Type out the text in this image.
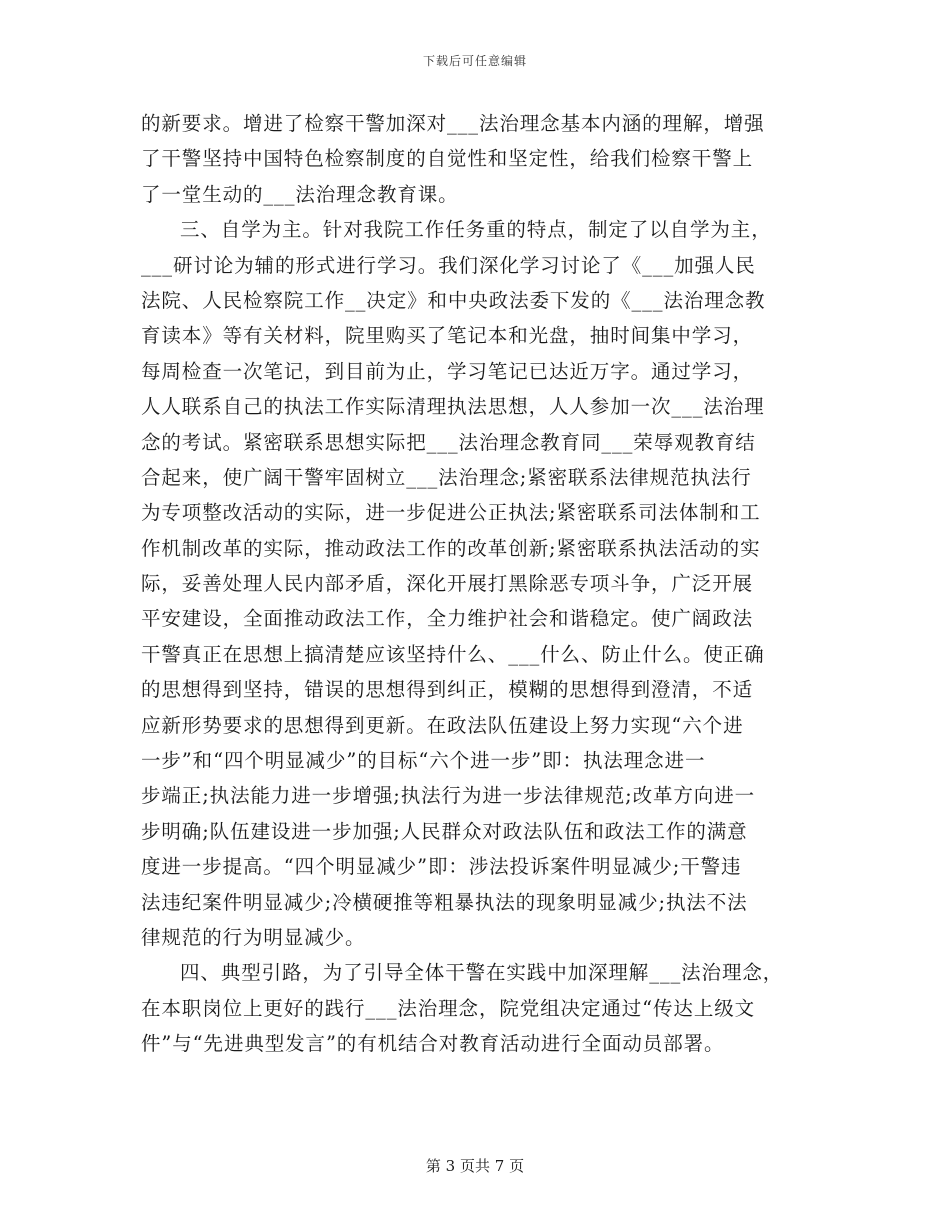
下载后可任意编辑
的新要求。增进了检察干警加深对___法治理念基本内涵的理解，增强
了干警坚持中国特色检察制度的自觉性和坚定性，给我们检察干警上
了一堂生动的___法治理念教育课。
三、自学为主。针对我院工作任务重的特点，制定了以自学为主，
___研讨论为辅的形式进行学习。我们深化学习讨论了《___加强人民
法院、人民检察院工作__决定》和中央政法委下发的《___法治理念教
育读本》等有关材料，院里购买了笔记本和光盘，抽时间集中学习，
每周检查一次笔记，到目前为止，学习笔记已达近万字。通过学习，
人人联系自己的执法工作实际清理执法思想，人人参加一次___法治理
念的考试。紧密联系思想实际把___法治理念教育同___荣辱观教育结
合起来，使广阔干警牢固树立___法治理念;紧密联系法律规范执法行
为专项整改活动的实际，进一步促进公正执法;紧密联系司法体制和工
作机制改革的实际，推动政法工作的改革创新;紧密联系执法活动的实
际，妥善处理人民内部矛盾，深化开展打黑除恶专项斗争，广泛开展
平安建设，全面推动政法工作，全力维护社会和谐稳定。使广阔政法
干警真正在思想上搞清楚应该坚持什么、___什么、防止什么。使正确
的思想得到坚持，错误的思想得到纠正，模糊的思想得到澄清，不适
应新形势要求的思想得到更新。在政法队伍建设上努力实现“六个进
一步”和“四个明显减少”的目标“六个进一步”即：执法理念进一
步端正;执法能力进一步增强;执法行为进一步法律规范;改革方向进一
步明确;队伍建设进一步加强;人民群众对政法队伍和政法工作的满意
度进一步提高。“四个明显减少”即：涉法投诉案件明显减少;干警违
法违纪案件明显减少;冷横硬推等粗暴执法的现象明显减少;执法不法
律规范的行为明显减少。
四、典型引路，为了引导全体干警在实践中加深理解___法治理念，
在本职岗位上更好的践行___法治理念，院党组决定通过“传达上级文
件”与“先进典型发言”的有机结合对教育活动进行全面动员部署。
第 3 页共 7 页
